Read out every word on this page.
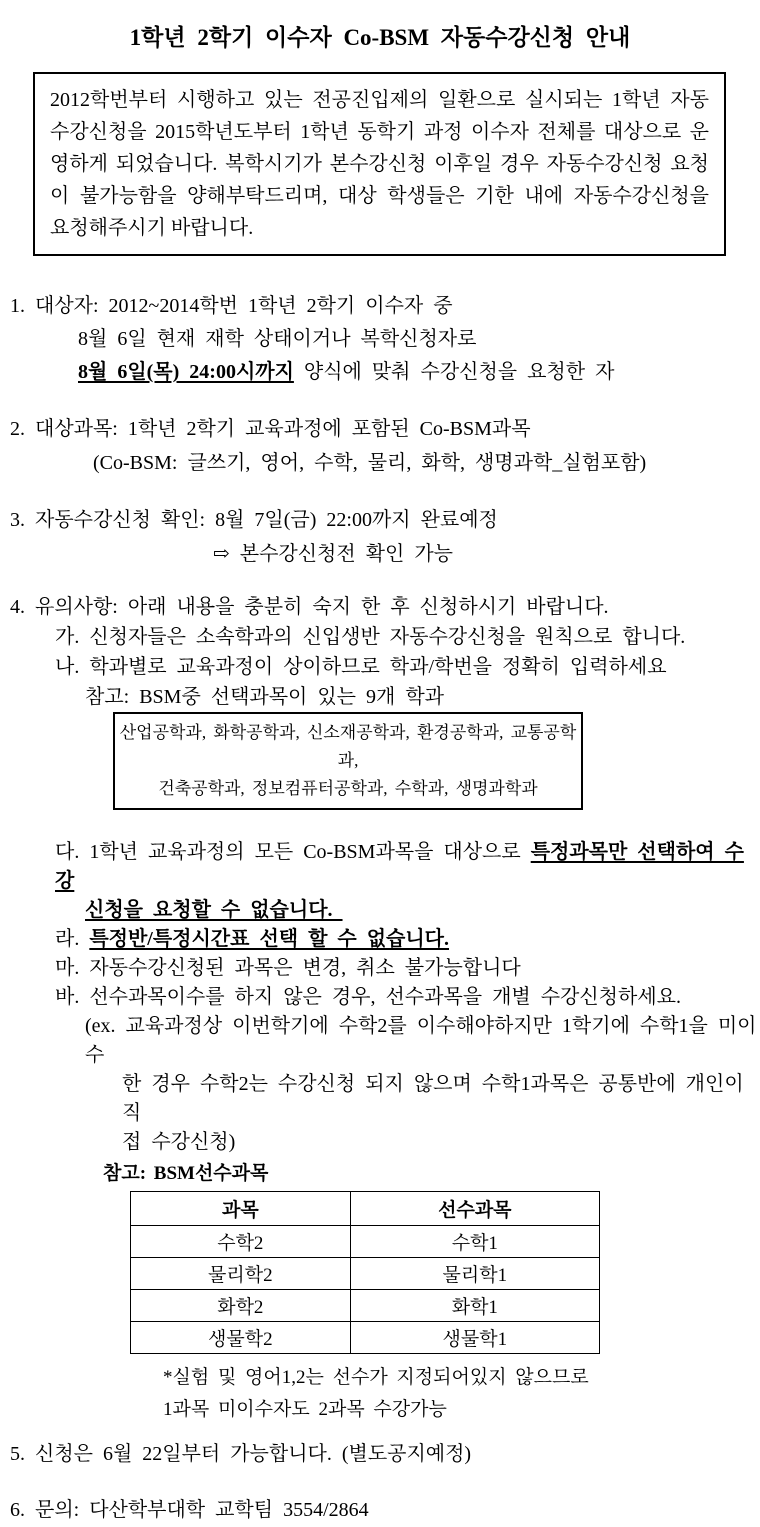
1학년 2학기 이수자 Co-BSM 자동수강신청 안내

2012학번부터 시행하고 있는 전공진입제의 일환으로 실시되는 1학년 자동
수강신청을 2015학년도부터 1학년 동학기 과정 이수자 전체를 대상으로 운
영하게 되었습니다. 복학시기가 본수강신청 이후일 경우 자동수강신청 요청
이 불가능함을 양해부탁드리며, 대상 학생들은 기한 내에 자동수강신청을
요청해주시기 바랍니다.

1. 대상자: 2012~2014학번 1학년 2학기 이수자 중

8월 6일 현재 재학 상태이거나 복학신청자로

8월 6일(목) 24:00시까지 양식에 맞춰 수강신청을 요청한 자

2. 대상과목: 1학년 2학기 교육과정에 포함된 Co-BSM과목

(Co-BSM: 글쓰기, 영어, 수학, 물리, 화학, 생명과학_실험포함)

3. 자동수강신청 확인: 8월 7일(금) 22:00까지 완료예정

⇨ 본수강신청전 확인 가능

4. 유의사항: 아래 내용을 충분히 숙지 한 후 신청하시기 바랍니다.

가. 신청자들은 소속학과의 신입생반 자동수강신청을 원칙으로 합니다.

나. 학과별로 교육과정이 상이하므로 학과/학번을 정확히 입력하세요

참고: BSM중 선택과목이 있는 9개 학과

산업공학과, 화학공학과, 신소재공학과, 환경공학과, 교통공학과,
건축공학과, 정보컴퓨터공학과, 수학과, 생명과학과

다. 1학년 교육과정의 모든 Co-BSM과목을 대상으로 특정과목만 선택하여 수강

신청을 요청할 수 없습니다.

라. 특정반/특정시간표 선택 할 수 없습니다.

마. 자동수강신청된 과목은 변경, 취소 불가능합니다

바. 선수과목이수를 하지 않은 경우, 선수과목을 개별 수강신청하세요.

(ex. 교육과정상 이번학기에 수학2를 이수해야하지만 1학기에 수학1을 미이수

한 경우 수학2는 수강신청 되지 않으며 수학1과목은 공통반에 개인이 직

접 수강신청)

참고: BSM선수과목

과목	선수과목
수학2	수학1
물리학2	물리학1
화학2	화학1
생물학2	생물학1

*실험 및 영어1,2는 선수가 지정되어있지 않으므로

1과목 미이수자도 2과목 수강가능

5. 신청은 6월 22일부터 가능합니다. (별도공지예정)

6. 문의: 다산학부대학 교학팀 3554/2864
